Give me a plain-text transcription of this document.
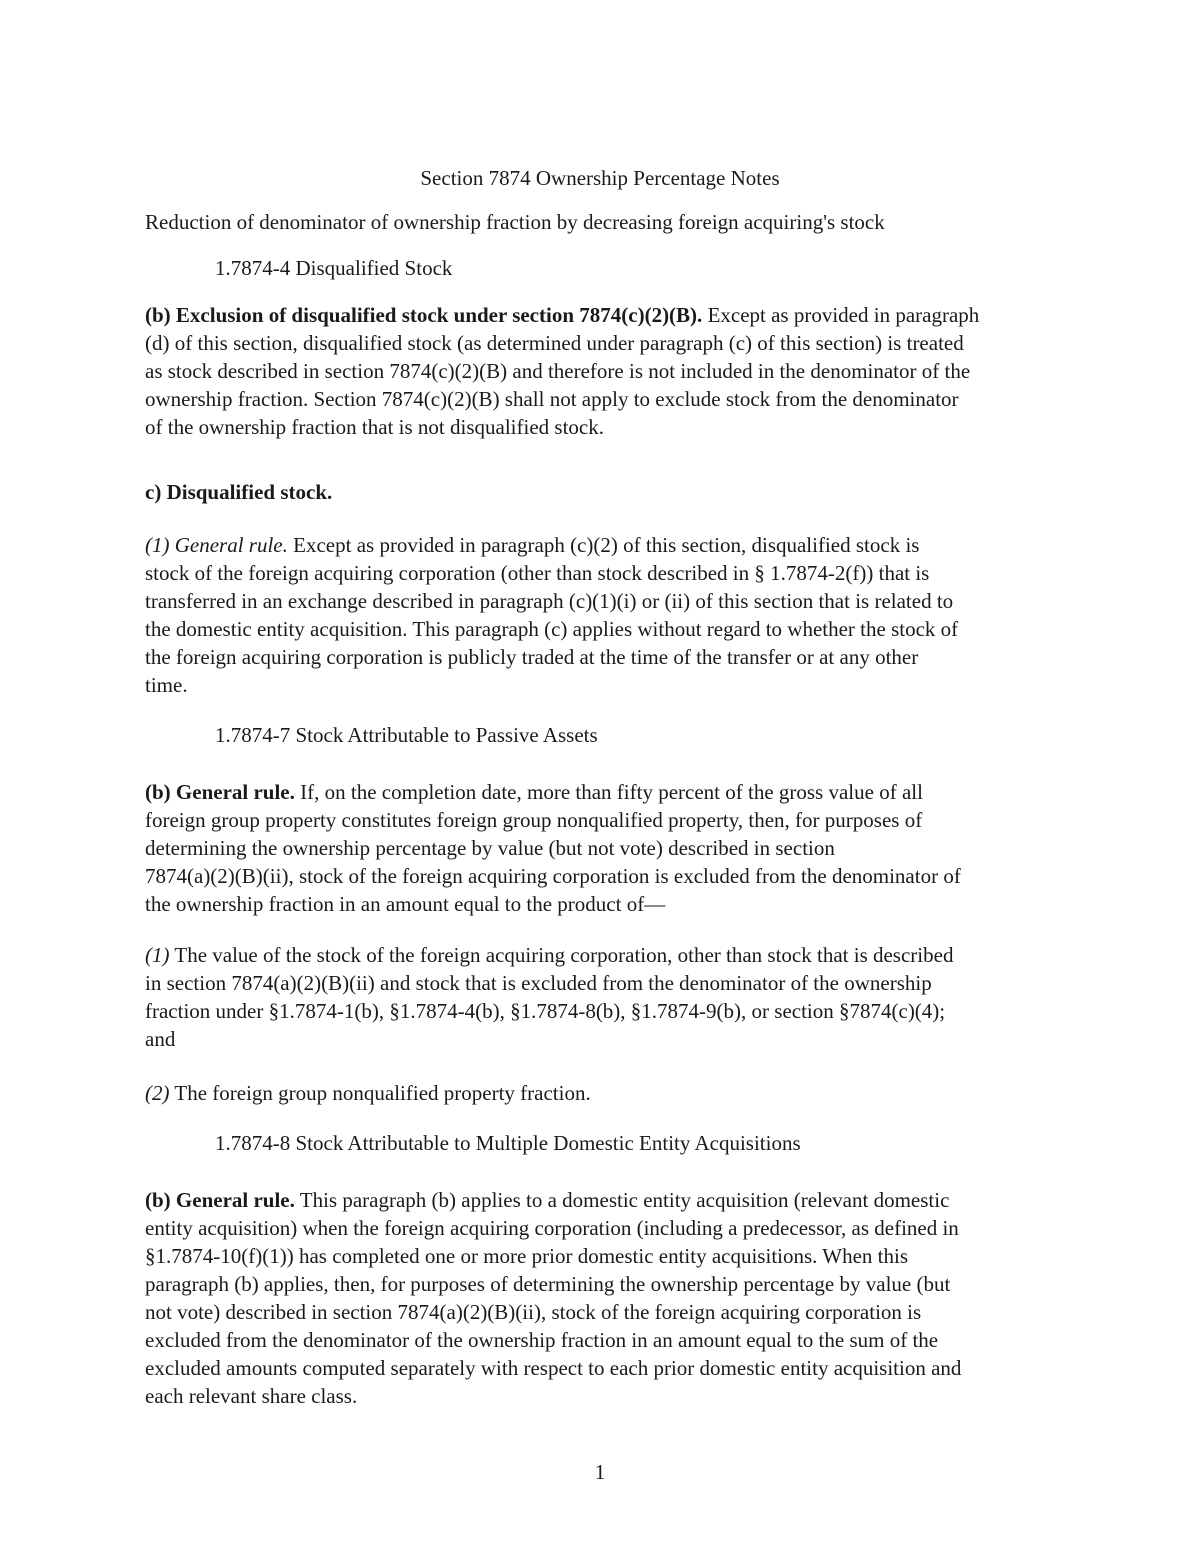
Section 7874 Ownership Percentage Notes
Reduction of denominator of ownership fraction by decreasing foreign acquiring's stock
1.7874-4 Disqualified Stock
(b) Exclusion of disqualified stock under section 7874(c)(2)(B). Except as provided in paragraph
(d) of this section, disqualified stock (as determined under paragraph (c) of this section) is treated
as stock described in section 7874(c)(2)(B) and therefore is not included in the denominator of the
ownership fraction. Section 7874(c)(2)(B) shall not apply to exclude stock from the denominator
of the ownership fraction that is not disqualified stock.
c) Disqualified stock.
(1) General rule. Except as provided in paragraph (c)(2) of this section, disqualified stock is
stock of the foreign acquiring corporation (other than stock described in § 1.7874-2(f)) that is
transferred in an exchange described in paragraph (c)(1)(i) or (ii) of this section that is related to
the domestic entity acquisition. This paragraph (c) applies without regard to whether the stock of
the foreign acquiring corporation is publicly traded at the time of the transfer or at any other
time.
1.7874-7 Stock Attributable to Passive Assets
(b) General rule. If, on the completion date, more than fifty percent of the gross value of all
foreign group property constitutes foreign group nonqualified property, then, for purposes of
determining the ownership percentage by value (but not vote) described in section
7874(a)(2)(B)(ii), stock of the foreign acquiring corporation is excluded from the denominator of
the ownership fraction in an amount equal to the product of—
(1) The value of the stock of the foreign acquiring corporation, other than stock that is described
in section 7874(a)(2)(B)(ii) and stock that is excluded from the denominator of the ownership
fraction under §1.7874-1(b), §1.7874-4(b), §1.7874-8(b), §1.7874-9(b), or section §7874(c)(4);
and
(2) The foreign group nonqualified property fraction.
1.7874-8 Stock Attributable to Multiple Domestic Entity Acquisitions
(b) General rule. This paragraph (b) applies to a domestic entity acquisition (relevant domestic
entity acquisition) when the foreign acquiring corporation (including a predecessor, as defined in
§1.7874-10(f)(1)) has completed one or more prior domestic entity acquisitions. When this
paragraph (b) applies, then, for purposes of determining the ownership percentage by value (but
not vote) described in section 7874(a)(2)(B)(ii), stock of the foreign acquiring corporation is
excluded from the denominator of the ownership fraction in an amount equal to the sum of the
excluded amounts computed separately with respect to each prior domestic entity acquisition and
each relevant share class.
1
